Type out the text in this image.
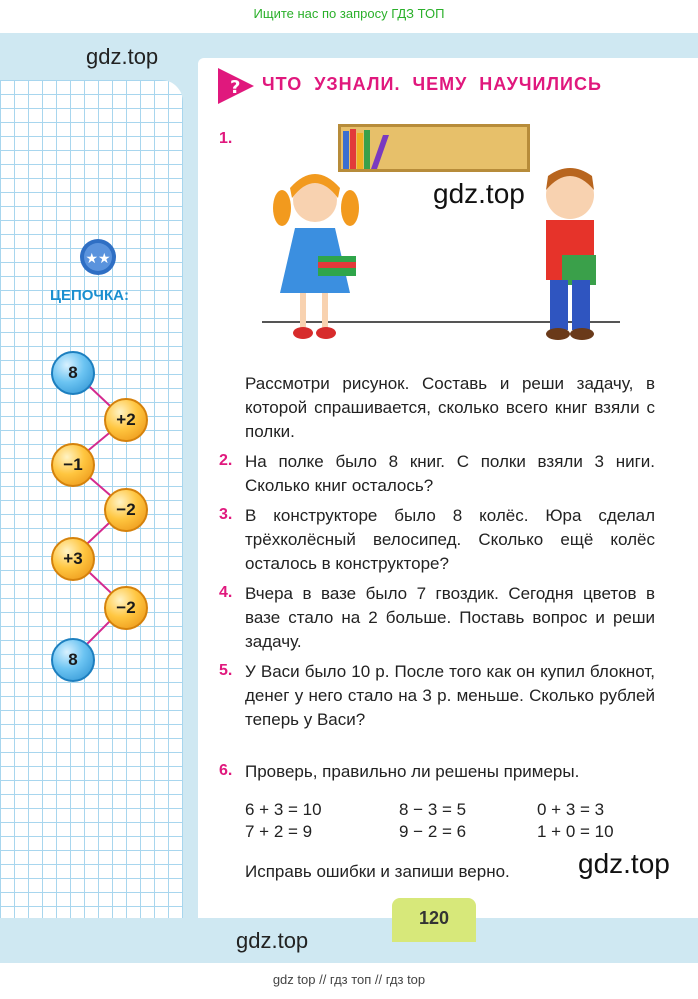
Ищите нас по запросу ГДЗ ТОП
gdz.top
? ЧТО УЗНАЛИ. ЧЕМУ НАУЧИЛИСЬ
gdz.top
1.
Рассмотри рисунок. Составь и реши задачу, в которой спрашивается, сколько всего книг взяли с полки.
2. На полке было 8 книг. С полки взяли 3 ниги. Сколько книг осталось?
3. В конструкторе было 8 колёс. Юра сделал трёхколёсный велосипед. Сколько ещё колёс осталось в конструкторе?
4. Вчера в вазе было 7 гвоздик. Сегодня цветов в вазе стало на 2 больше. Поставь вопрос и реши задачу.
5. У Васи было 10 р. После того как он купил блокнот, денег у него стало на 3 р. меньше. Сколько рублей теперь у Васи?
6. Проверь, правильно ли решены примеры.
6 + 3 = 10	8 − 3 = 5	0 + 3 = 3
7 + 2 = 9	9 − 2 = 6	1 + 0 = 10
Исправь ошибки и запиши верно. gdz.top
★★
ЦЕПОЧКА:
8
+2
−1
−2
+3
−2
8
gdz.top
120
gdz top // гдз топ // гдз top
